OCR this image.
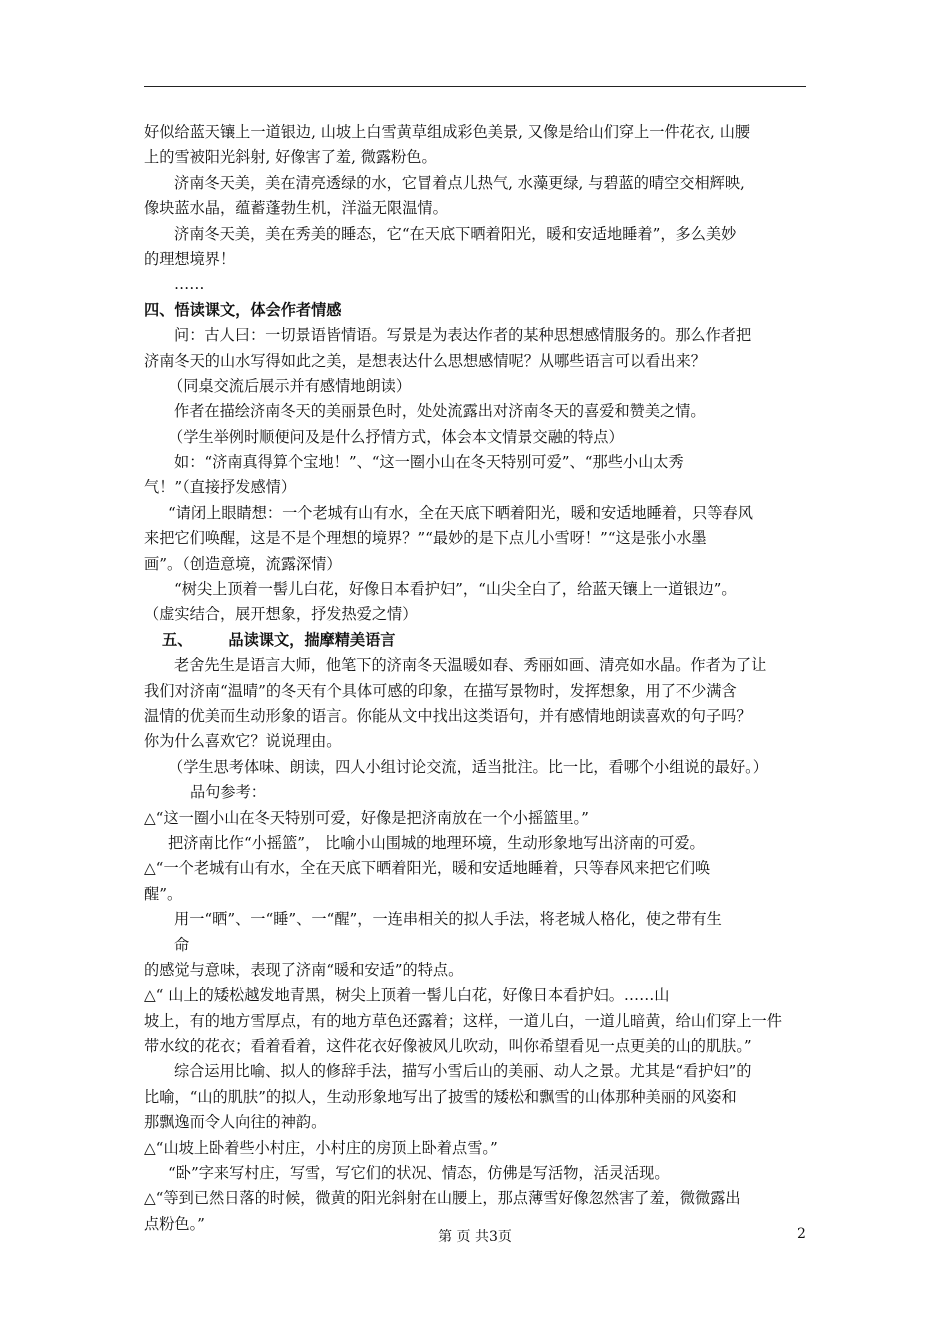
好似给蓝天镶上一道银边, 山坡上白雪黄草组成彩色美景, 又像是给山们穿上一件花衣, 山腰
上的雪被阳光斜射, 好像害了羞, 微露粉色。
济南冬天美，美在清亮透绿的水，它冒着点儿热气, 水藻更绿, 与碧蓝的晴空交相辉映,
像块蓝水晶，蕴蓄蓬勃生机，洋溢无限温情。
济南冬天美，美在秀美的睡态，它“在天底下晒着阳光，暖和安适地睡着”，多么美妙
的理想境界！
……
四、悟读课文，体会作者情感
问：古人曰：一切景语皆情语。写景是为表达作者的某种思想感情服务的。那么作者把
济南冬天的山水写得如此之美，是想表达什么思想感情呢？从哪些语言可以看出来？
（同桌交流后展示并有感情地朗读）
作者在描绘济南冬天的美丽景色时，处处流露出对济南冬天的喜爱和赞美之情。
（学生举例时顺便问及是什么抒情方式，体会本文情景交融的特点）
如：“济南真得算个宝地！”、“这一圈小山在冬天特别可爱”、“那些小山太秀
气！”（直接抒发感情）
“请闭上眼睛想：一个老城有山有水，全在天底下晒着阳光，暖和安适地睡着，只等春风
来把它们唤醒，这是不是个理想的境界？”“最妙的是下点儿小雪呀！”“这是张小水墨
画”。（创造意境，流露深情）
“树尖上顶着一髻儿白花，好像日本看护妇”，“山尖全白了，给蓝天镶上一道银边”。
（虚实结合，展开想象，抒发热爱之情）
五、 品读课文，揣摩精美语言
老舍先生是语言大师，他笔下的济南冬天温暖如春、秀丽如画、清亮如水晶。作者为了让
我们对济南“温晴”的冬天有个具体可感的印象，在描写景物时，发挥想象，用了不少满含
温情的优美而生动形象的语言。你能从文中找出这类语句，并有感情地朗读喜欢的句子吗？
你为什么喜欢它？说说理由。
（学生思考体味、朗读，四人小组讨论交流，适当批注。比一比，看哪个小组说的最好。）
品句参考：
△“这一圈小山在冬天特别可爱，好像是把济南放在一个小摇篮里。”
把济南比作“小摇篮”， 比喻小山围城的地理环境，生动形象地写出济南的可爱。
△“一个老城有山有水，全在天底下晒着阳光，暖和安适地睡着，只等春风来把它们唤
醒”。
用一“晒”、一“睡”、一“醒”，一连串相关的拟人手法，将老城人格化，使之带有生
命
的感觉与意味，表现了济南“暖和安适”的特点。
△“ 山上的矮松越发地青黑，树尖上顶着一髻儿白花，好像日本看护妇。……山
坡上，有的地方雪厚点，有的地方草色还露着；这样，一道儿白，一道儿暗黄，给山们穿上一件
带水纹的花衣；看着看着，这件花衣好像被风儿吹动，叫你希望看见一点更美的山的肌肤。”
综合运用比喻、拟人的修辞手法，描写小雪后山的美丽、动人之景。尤其是“看护妇”的
比喻，“山的肌肤”的拟人，生动形象地写出了披雪的矮松和飘雪的山体那种美丽的风姿和
那飘逸而令人向往的神韵。
△“山坡上卧着些小村庄，小村庄的房顶上卧着点雪。”
“卧”字来写村庄，写雪，写它们的状况、情态，仿佛是写活物，活灵活现。
△“等到已然日落的时候，微黄的阳光斜射在山腰上，那点薄雪好像忽然害了羞，微微露出
点粉色。”
第 页 共3页	2
